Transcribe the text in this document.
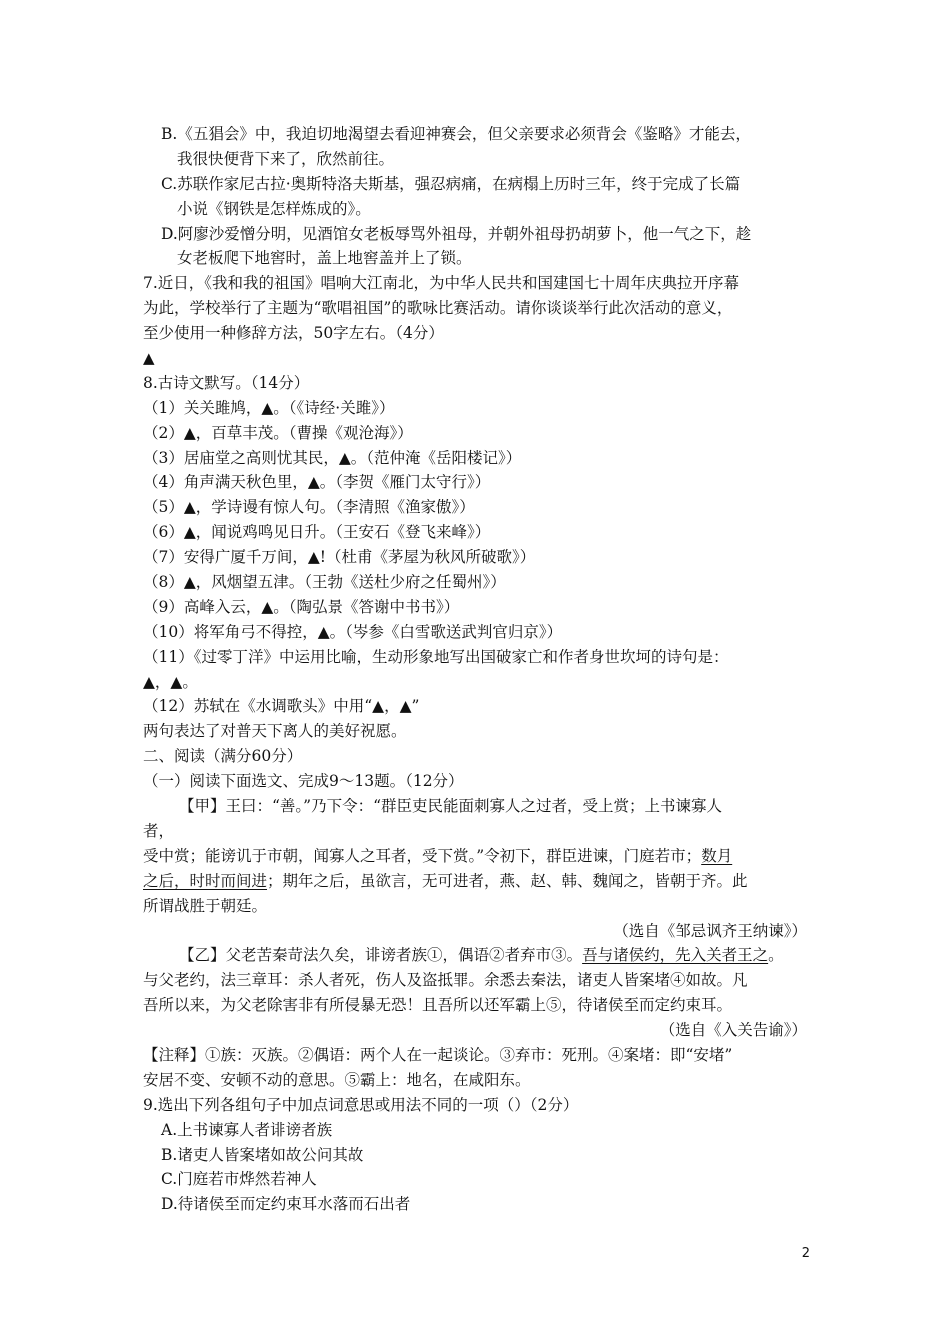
B.《五猖会》中，我迫切地渴望去看迎神赛会，但父亲要求必须背会《鉴略》才能去，
我很快便背下来了，欣然前往。
C.苏联作家尼古拉·奥斯特洛夫斯基，强忍病痛，在病榻上历时三年，终于完成了长篇
小说《钢铁是怎样炼成的》。
D.阿廖沙爱憎分明，见酒馆女老板辱骂外祖母，并朝外祖母扔胡萝卜，他一气之下，趁
女老板爬下地窖时，盖上地窖盖并上了锁。
7.近日，《我和我的祖国》唱响大江南北，为中华人民共和国建国七十周年庆典拉开序幕
为此，学校举行了主题为“歌唱祖国”的歌咏比赛活动。请你谈谈举行此次活动的意义，
至少使用一种修辞方法，50字左右。（4分）
▲
8.古诗文默写。（14分）
（1）关关雎鸠，▲。（《诗经·关雎》）
（2）▲，百草丰茂。（曹操《观沧海》）
（3）居庙堂之高则忧其民，▲。（范仲淹《岳阳楼记》）
（4）角声满天秋色里，▲。（李贺《雁门太守行》）
（5）▲，学诗谩有惊人句。（李清照《渔家傲》）
（6）▲，闻说鸡鸣见日升。（王安石《登飞来峰》）
（7）安得广厦千万间，▲!（杜甫《茅屋为秋风所破歌》）
（8）▲，风烟望五津。（王勃《送杜少府之任蜀州》）
（9）高峰入云，▲。（陶弘景《答谢中书书》）
（10）将军角弓不得控，▲。（岑参《白雪歌送武判官归京》）
（11）《过零丁洋》中运用比喻，生动形象地写出国破家亡和作者身世坎坷的诗句是：
▲，▲。
（12）苏轼在《水调歌头》中用“▲，▲”
两句表达了对普天下离人的美好祝愿。
二、阅读（满分60分）
（一）阅读下面选文、完成9～13题。（12分）
【甲】王曰：“善。”乃下令：“群臣吏民能面刺寡人之过者，受上赏；上书谏寡人
者，
受中赏；能谤讥于市朝，闻寡人之耳者，受下赏。”令初下，群臣进谏，门庭若市；数月
之后，时时而间进；期年之后，虽欲言，无可进者，燕、赵、韩、魏闻之，皆朝于齐。此
所谓战胜于朝廷。
（选自《邹忌讽齐王纳谏》）
【乙】父老苦秦苛法久矣，诽谤者族①，偶语②者弃市③。吾与诸侯约，先入关者王之。
与父老约，法三章耳：杀人者死，伤人及盗抵罪。余悉去秦法，诸吏人皆案堵④如故。凡
吾所以来，为父老除害非有所侵暴无恐！且吾所以还军霸上⑤，待诸侯至而定约束耳。
（选自《入关告谕》）
【注释】①族：灭族。②偶语：两个人在一起谈论。③弃市：死刑。④案堵：即“安堵”
安居不变、安顿不动的意思。⑤霸上：地名，在咸阳东。
9.选出下列各组句子中加点词意思或用法不同的一项（）（2分）
A.上书谏寡人者诽谤者族
B.诸吏人皆案堵如故公问其故
C.门庭若市烨然若神人
D.待诸侯至而定约束耳水落而石出者
2
